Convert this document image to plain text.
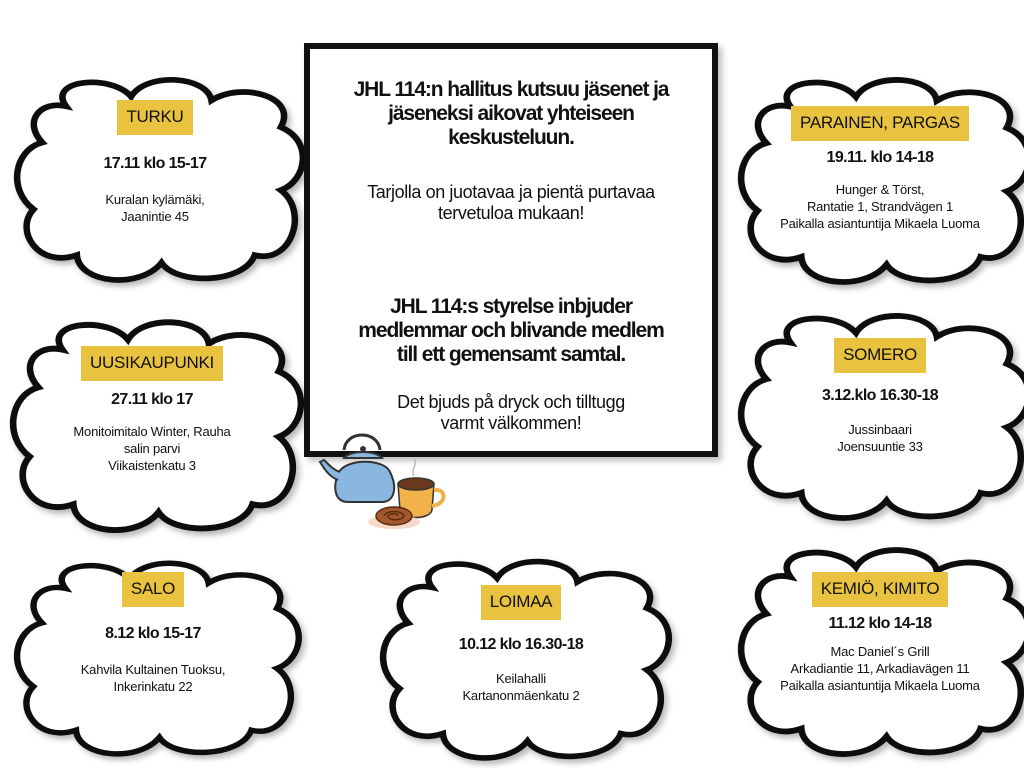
TURKU
17.11 klo 15-17
Kuralan kylämäki,
Jaanintie 45
UUSIKAUPUNKI
27.11 klo 17
Monitoimitalo Winter, Rauha
salin parvi
Viikaistenkatu 3
SALO
8.12 klo 15-17
Kahvila Kultainen Tuoksu,
Inkerinkatu 22
JHL 114:n hallitus kutsuu jäsenet ja
jäseneksi aikovat yhteiseen
keskusteluun.
Tarjolla on juotavaa ja pientä purtavaa
tervetuloa mukaan!
JHL 114:s styrelse inbjuder
medlemmar och blivande medlem
till ett gemensamt samtal.
Det bjuds på dryck och tilltugg
varmt välkommen!
PARAINEN, PARGAS
19.11. klo 14-18
Hunger & Törst,
Rantatie 1, Strandvägen 1
Paikalla asiantuntija Mikaela Luoma
SOMERO
3.12.klo 16.30-18
Jussinbaari
Joensuuntie 33
KEMIÖ, KIMITO
11.12 klo 14-18
Mac Daniel´s Grill
Arkadiantie 11, Arkadiavägen 11
Paikalla asiantuntija Mikaela Luoma
LOIMAA
10.12 klo 16.30-18
Keilahalli
Kartanonmäenkatu 2
